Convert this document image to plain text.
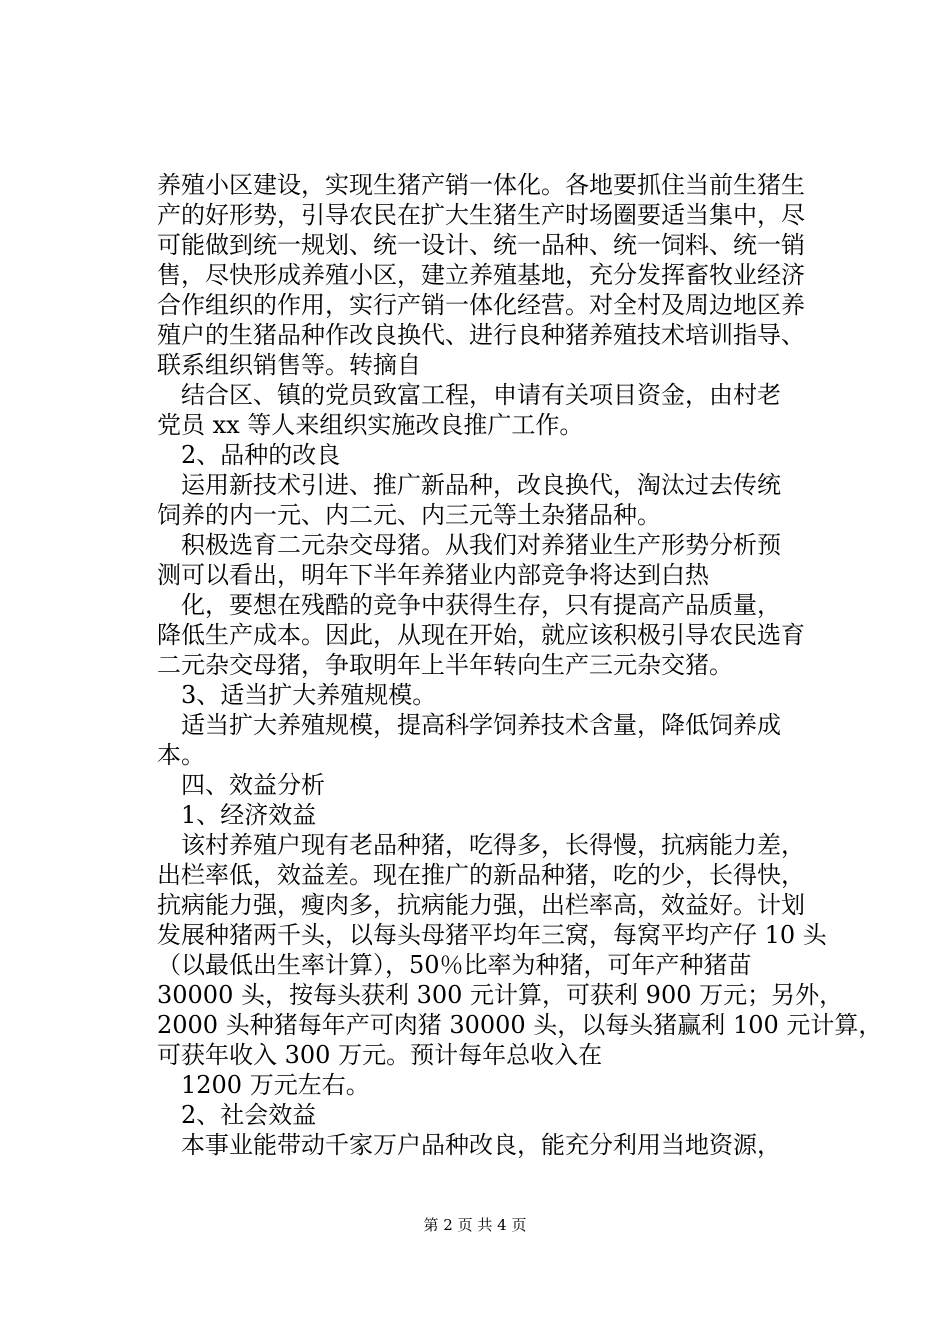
养殖小区建设，实现生猪产销一体化。各地要抓住当前生猪生
产的好形势，引导农民在扩大生猪生产时场圈要适当集中，尽
可能做到统一规划、统一设计、统一品种、统一饲料、统一销
售，尽快形成养殖小区，建立养殖基地，充分发挥畜牧业经济
合作组织的作用，实行产销一体化经营。对全村及周边地区养
殖户的生猪品种作改良换代、进行良种猪养殖技术培训指导、
联系组织销售等。转摘自
结合区、镇的党员致富工程，申请有关项目资金，由村老
党员 xx 等人来组织实施改良推广工作。
2、品种的改良
运用新技术引进、推广新品种，改良换代，淘汰过去传统
饲养的内一元、内二元、内三元等土杂猪品种。
积极选育二元杂交母猪。从我们对养猪业生产形势分析预
测可以看出，明年下半年养猪业内部竞争将达到白热
化，要想在残酷的竞争中获得生存，只有提高产品质量，
降低生产成本。因此，从现在开始，就应该积极引导农民选育
二元杂交母猪，争取明年上半年转向生产三元杂交猪。
3、适当扩大养殖规模。
适当扩大养殖规模，提高科学饲养技术含量，降低饲养成
本。
四、效益分析
1、经济效益
该村养殖户现有老品种猪，吃得多，长得慢，抗病能力差，
出栏率低，效益差。现在推广的新品种猪，吃的少，长得快，
抗病能力强，瘦肉多，抗病能力强，出栏率高，效益好。计划
发展种猪两千头，以每头母猪平均年三窝，每窝平均产仔 10 头
（以最低出生率计算），50％比率为种猪，可年产种猪苗
30000 头，按每头获利 300 元计算，可获利 900 万元；另外，
2000 头种猪每年产可肉猪 30000 头，以每头猪赢利 100 元计算，
可获年收入 300 万元。预计每年总收入在
1200 万元左右。
2、社会效益
本事业能带动千家万户品种改良，能充分利用当地资源，
第 2 页 共 4 页
